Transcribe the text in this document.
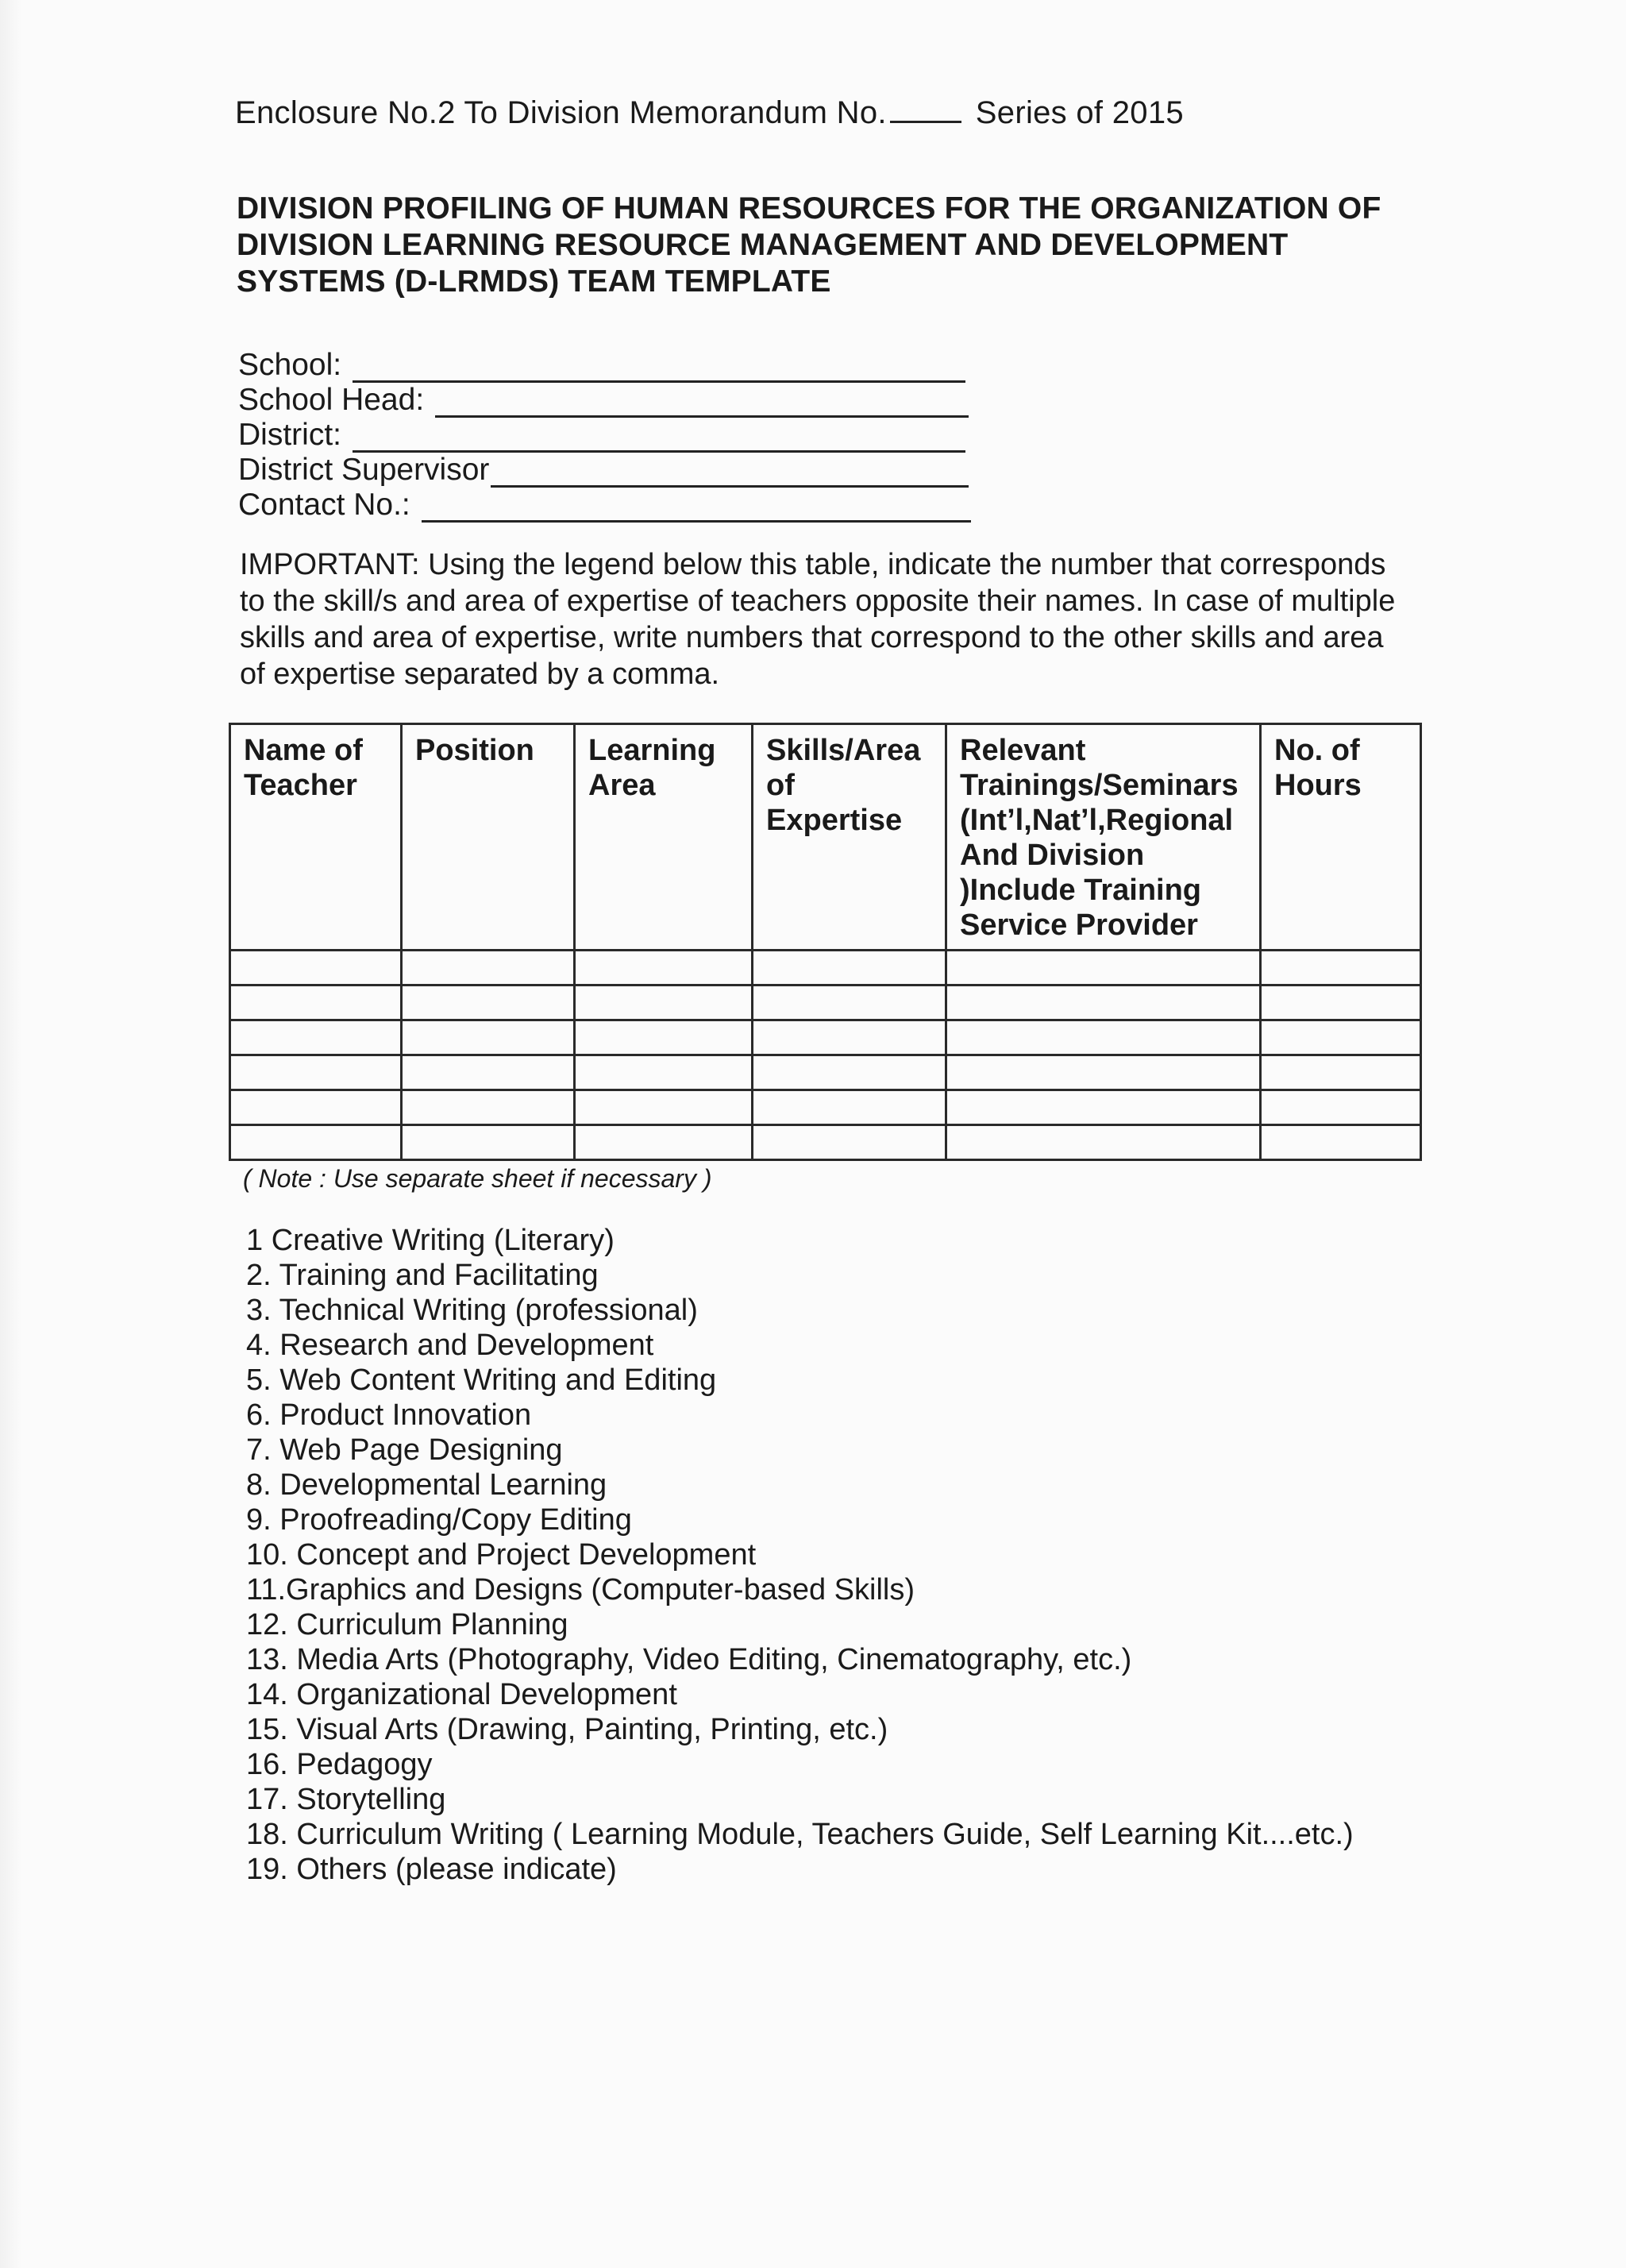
Enclosure No.2 To Division Memorandum No.	Series of 2015
DIVISION PROFILING OF HUMAN RESOURCES FOR THE ORGANIZATION OF DIVISION LEARNING RESOURCE MANAGEMENT AND DEVELOPMENT SYSTEMS (D-LRMDS) TEAM TEMPLATE
School:
School Head:
District:
District Supervisor
Contact No.:
IMPORTANT: Using the legend below this table, indicate the number that corresponds to the skill/s and area of expertise of teachers opposite their names. In case of multiple skills and area of expertise, write numbers that correspond to the other skills and area of expertise separated by a comma.
Name of Teacher	Position	Learning Area	Skills/Area of Expertise	Relevant Trainings/Seminars (Int’l,Nat’l,Regional And Division )Include Training Service Provider	No. of Hours

( Note : Use separate sheet if necessary )
1 Creative Writing (Literary)
2. Training and Facilitating
3. Technical Writing (professional)
4. Research and Development
5. Web Content Writing and Editing
6. Product Innovation
7. Web Page Designing
8. Developmental Learning
9. Proofreading/Copy Editing
10. Concept and Project Development
11.Graphics and Designs (Computer-based Skills)
12. Curriculum Planning
13. Media Arts (Photography, Video Editing, Cinematography, etc.)
14. Organizational Development
15. Visual Arts (Drawing, Painting, Printing, etc.)
16. Pedagogy
17. Storytelling
18. Curriculum Writing ( Learning Module, Teachers Guide, Self Learning Kit....etc.)
19. Others (please indicate)
